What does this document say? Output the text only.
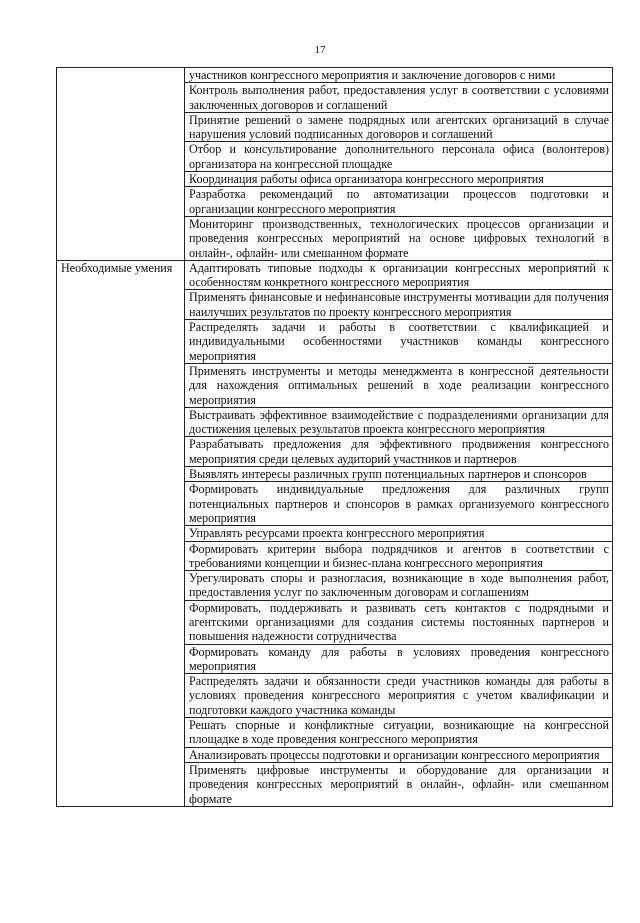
17
	участников конгрессного мероприятия и заключение договоров с ними
	Контроль выполнения работ, предоставления услуг в соответствии с условиями заключенных договоров и соглашений
	Принятие решений о замене подрядных или агентских организаций в случае нарушения условий подписанных договоров и соглашений
	Отбор и консультирование дополнительного персонала офиса (волонтеров) организатора на конгрессной площадке
	Координация работы офиса организатора конгрессного мероприятия
	Разработка рекомендаций по автоматизации процессов подготовки и организации конгрессного мероприятия
	Мониторинг производственных, технологических процессов организации и проведения конгрессных мероприятий на основе цифровых технологий в онлайн-, офлайн- или смешанном формате
Необходимые умения	Адаптировать типовые подходы к организации конгрессных мероприятий к особенностям конкретного конгрессного мероприятия
	Применять финансовые и нефинансовые инструменты мотивации для получения наилучших результатов по проекту конгрессного мероприятия
	Распределять задачи и работы в соответствии с квалификацией и индивидуальными особенностями участников команды конгрессного мероприятия
	Применять инструменты и методы менеджмента в конгрессной деятельности для нахождения оптимальных решений в ходе реализации конгрессного мероприятия
	Выстраивать эффективное взаимодействие с подразделениями организации для достижения целевых результатов проекта конгрессного мероприятия
	Разрабатывать предложения для эффективного продвижения конгрессного мероприятия среди целевых аудиторий участников и партнеров
	Выявлять интересы различных групп потенциальных партнеров и спонсоров
	Формировать индивидуальные предложения для различных групп потенциальных партнеров и спонсоров в рамках организуемого конгрессного мероприятия
	Управлять ресурсами проекта конгрессного мероприятия
	Формировать критерии выбора подрядчиков и агентов в соответствии с требованиями концепции и бизнес-плана конгрессного мероприятия
	Урегулировать споры и разногласия, возникающие в ходе выполнения работ, предоставления услуг по заключенным договорам и соглашениям
	Формировать, поддерживать и развивать сеть контактов с подрядными и агентскими организациями для создания системы постоянных партнеров и повышения надежности сотрудничества
	Формировать команду для работы в условиях проведения конгрессного мероприятия
	Распределять задачи и обязанности среди участников команды для работы в условиях проведения конгрессного мероприятия с учетом квалификации и подготовки каждого участника команды
	Решать спорные и конфликтные ситуации, возникающие на конгрессной площадке в ходе проведения конгрессного мероприятия
	Анализировать процессы подготовки и организации конгрессного мероприятия
	Применять цифровые инструменты и оборудование для организации и проведения конгрессных мероприятий в онлайн-, офлайн- или смешанном формате
